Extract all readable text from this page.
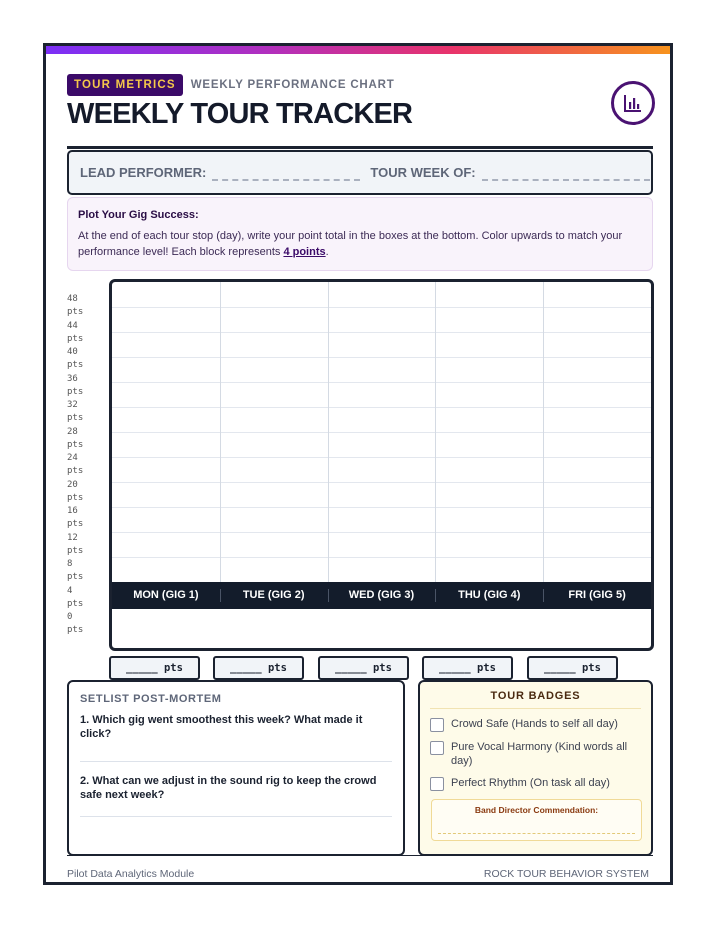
TOUR METRICS	WEEKLY PERFORMANCE CHART
WEEKLY TOUR TRACKER
LEAD PERFORMER:	TOUR WEEK OF:
Plot Your Gig Success:
At the end of each tour stop (day), write your point total in the boxes at the bottom. Color upwards to match your performance level! Each block represents 4 points.
48
pts
44
pts
40
pts
36
pts
32
pts
28
pts
24
pts
20
pts
16
pts
12
pts
8
pts
4
pts
0
pts
MON (GIG 1)	TUE (GIG 2)	WED (GIG 3)	THU (GIG 4)	FRI (GIG 5)
_____ pts	_____ pts	_____ pts	_____ pts	_____ pts
SETLIST POST-MORTEM
1. Which gig went smoothest this week? What made it click?
2. What can we adjust in the sound rig to keep the crowd safe next week?
TOUR BADGES
Crowd Safe (Hands to self all day)
Pure Vocal Harmony (Kind words all day)
Perfect Rhythm (On task all day)
Band Director Commendation:
Pilot Data Analytics Module	ROCK TOUR BEHAVIOR SYSTEM
